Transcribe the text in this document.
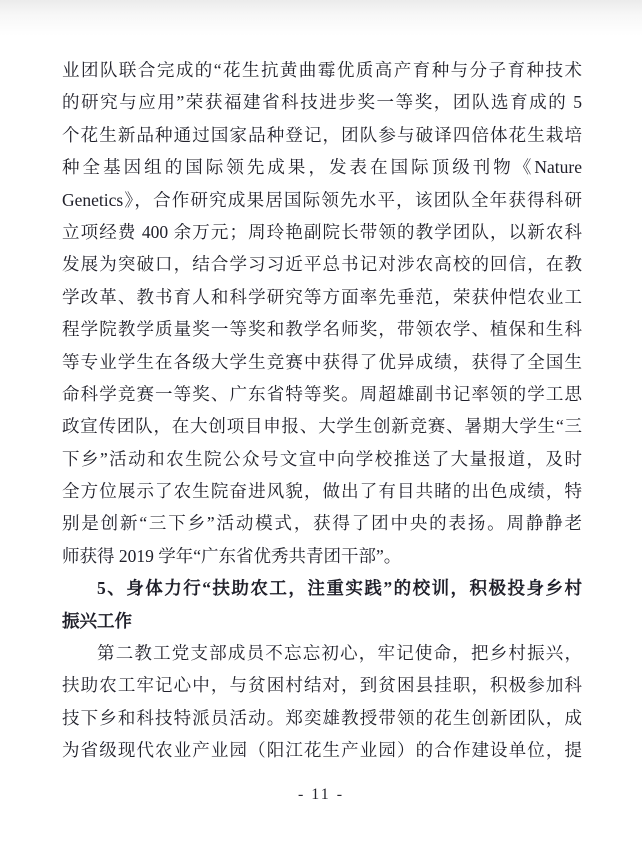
业团队联合完成的“花生抗黄曲霉优质高产育种与分子育种技术
的研究与应用”荣获福建省科技进步奖一等奖，团队选育成的 5
个花生新品种通过国家品种登记，团队参与破译四倍体花生栽培
种全基因组的国际领先成果，发表在国际顶级刊物《Nature
Genetics》，合作研究成果居国际领先水平，该团队全年获得科研
立项经费 400 余万元；周玲艳副院长带领的教学团队，以新农科
发展为突破口，结合学习习近平总书记对涉农高校的回信，在教
学改革、教书育人和科学研究等方面率先垂范，荣获仲恺农业工
程学院教学质量奖一等奖和教学名师奖，带领农学、植保和生科
等专业学生在各级大学生竞赛中获得了优异成绩，获得了全国生
命科学竞赛一等奖、广东省特等奖。周超雄副书记率领的学工思
政宣传团队，在大创项目申报、大学生创新竞赛、暑期大学生“三
下乡”活动和农生院公众号文宣中向学校推送了大量报道，及时
全方位展示了农生院奋进风貌，做出了有目共睹的出色成绩，特
别是创新“三下乡”活动模式，获得了团中央的表扬。周静静老
师获得 2019 学年“广东省优秀共青团干部”。
5、身体力行“扶助农工，注重实践”的校训，积极投身乡村
振兴工作
第二教工党支部成员不忘忘初心，牢记使命，把乡村振兴，
扶助农工牢记心中，与贫困村结对，到贫困县挂职，积极参加科
技下乡和科技特派员活动。郑奕雄教授带领的花生创新团队，成
为省级现代农业产业园（阳江花生产业园）的合作建设单位，提
- 11 -
